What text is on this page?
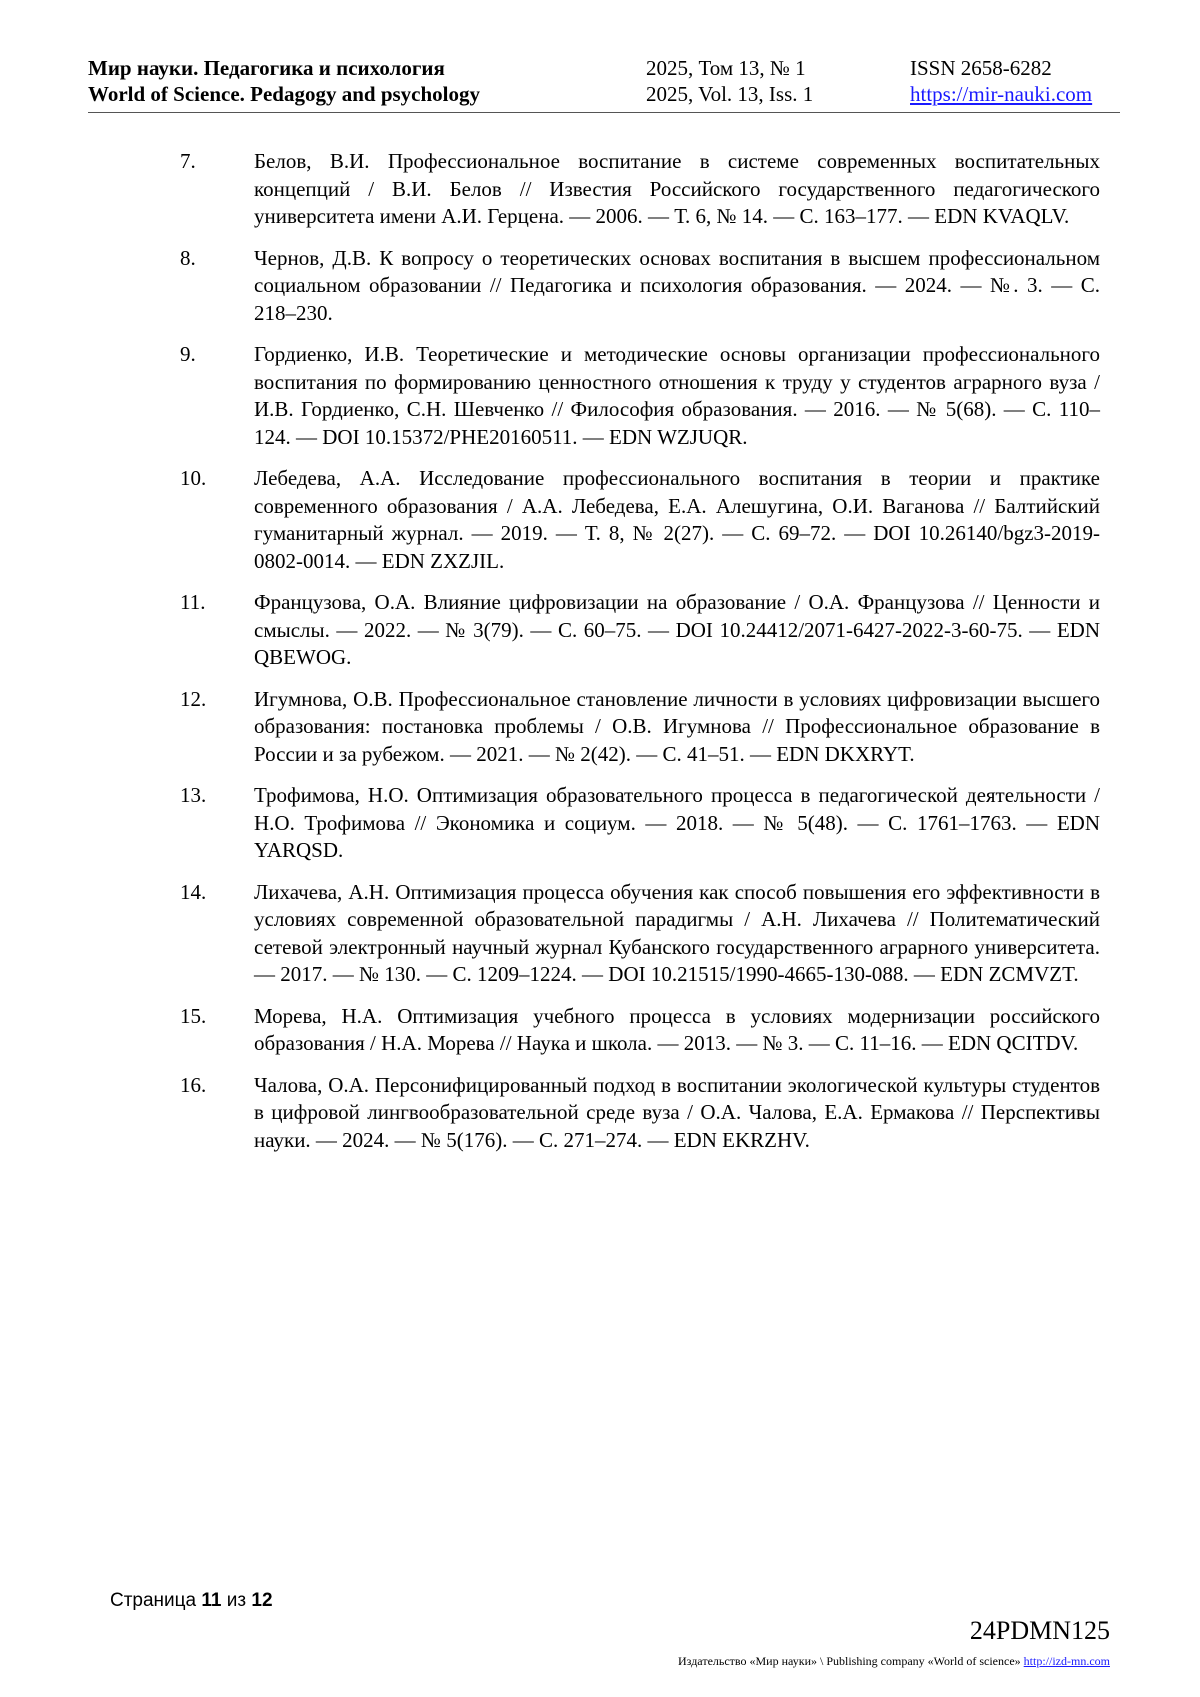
Мир науки. Педагогика и психология	2025, Том 13, № 1	ISSN 2658-6282
World of Science. Pedagogy and psychology	2025, Vol. 13, Iss. 1	https://mir-nauki.com
7.	Белов, В.И. Профессиональное воспитание в системе современных воспитательных концепций / В.И. Белов // Известия Российского государственного педагогического университета имени А.И. Герцена. — 2006. — Т. 6, № 14. — С. 163–177. — EDN KVAQLV.
8.	Чернов, Д.В. К вопросу о теоретических основах воспитания в высшем профессиональном социальном образовании // Педагогика и психология образования. — 2024. — №. 3. — С. 218–230.
9.	Гордиенко, И.В. Теоретические и методические основы организации профессионального воспитания по формированию ценностного отношения к труду у студентов аграрного вуза / И.В. Гордиенко, С.Н. Шевченко // Философия образования. — 2016. — № 5(68). — С. 110–124. — DOI 10.15372/PHE20160511. — EDN WZJUQR.
10. Лебедева, А.А. Исследование профессионального воспитания в теории и практике современного образования / А.А. Лебедева, Е.А. Алешугина, О.И. Ваганова // Балтийский гуманитарный журнал. — 2019. — Т. 8, № 2(27). — С. 69–72. — DOI 10.26140/bgz3-2019-0802-0014. — EDN ZXZJIL.
11. Французова, О.А. Влияние цифровизации на образование / О.А. Французова // Ценности и смыслы. — 2022. — № 3(79). — С. 60–75. — DOI 10.24412/2071-6427-2022-3-60-75. — EDN QBEWOG.
12. Игумнова, О.В. Профессиональное становление личности в условиях цифровизации высшего образования: постановка проблемы / О.В. Игумнова // Профессиональное образование в России и за рубежом. — 2021. — № 2(42). — С. 41–51. — EDN DKXRYT.
13. Трофимова, Н.О. Оптимизация образовательного процесса в педагогической деятельности / Н.О. Трофимова // Экономика и социум. — 2018. — № 5(48). — С. 1761–1763. — EDN YARQSD.
14. Лихачева, А.Н. Оптимизация процесса обучения как способ повышения его эффективности в условиях современной образовательной парадигмы / А.Н. Лихачева // Политематический сетевой электронный научный журнал Кубанского государственного аграрного университета. — 2017. — № 130. — С. 1209–1224. — DOI 10.21515/1990-4665-130-088. — EDN ZCMVZT.
15. Морева, Н.А. Оптимизация учебного процесса в условиях модернизации российского образования / Н.А. Морева // Наука и школа. — 2013. — № 3. — С. 11–16. — EDN QCITDV.
16. Чалова, О.А. Персонифицированный подход в воспитании экологической культуры студентов в цифровой лингвообразовательной среде вуза / О.А. Чалова, Е.А. Ермакова // Перспективы науки. — 2024. — № 5(176). — С. 271–274. — EDN EKRZHV.
Страница 11 из 12
24PDMN125
Издательство «Мир науки» \ Publishing company «World of science» http://izd-mn.com
